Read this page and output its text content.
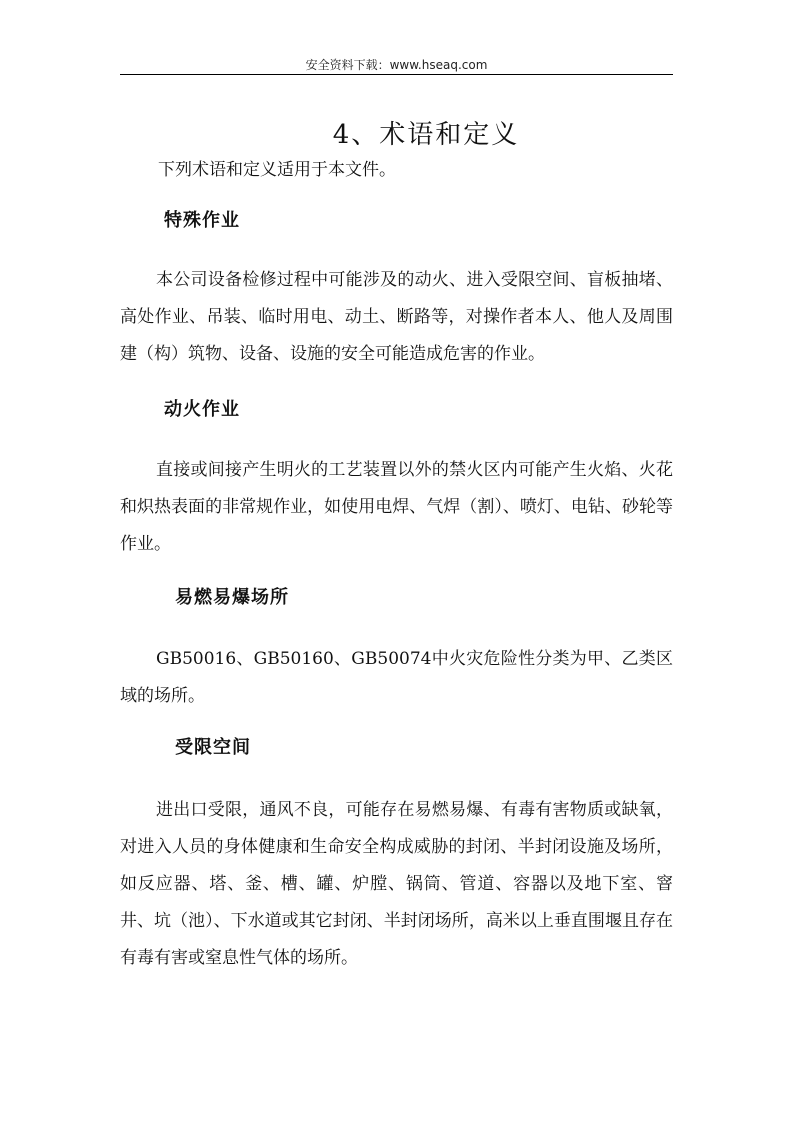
安全资料下载：www.hseaq.com
4、术语和定义
下列术语和定义适用于本文件。
特殊作业
本公司设备检修过程中可能涉及的动火、进入受限空间、盲板抽堵、高处作业、吊装、临时用电、动土、断路等，对操作者本人、他人及周围建（构）筑物、设备、设施的安全可能造成危害的作业。
动火作业
直接或间接产生明火的工艺装置以外的禁火区内可能产生火焰、火花和炽热表面的非常规作业，如使用电焊、气焊（割）、喷灯、电钻、砂轮等作业。
易燃易爆场所
GB50016、GB50160、GB50074中火灾危险性分类为甲、乙类区域的场所。
受限空间
进出口受限，通风不良，可能存在易燃易爆、有毒有害物质或缺氧，对进入人员的身体健康和生命安全构成威胁的封闭、半封闭设施及场所，如反应器、塔、釜、槽、罐、炉膛、锅筒、管道、容器以及地下室、窨井、坑（池）、下水道或其它封闭、半封闭场所，高米以上垂直围堰且存在有毒有害或窒息性气体的场所。
